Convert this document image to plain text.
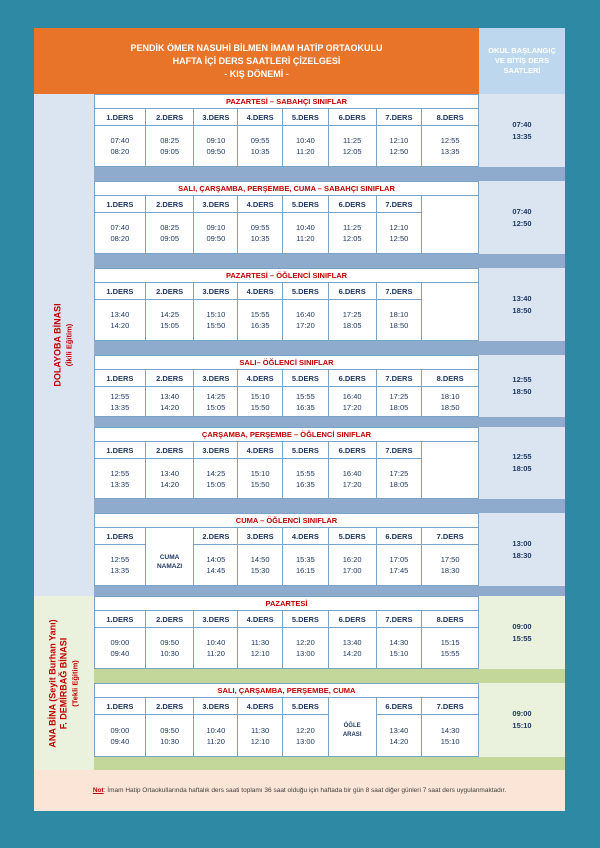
PENDİK ÖMER NASUHİ BİLMEN İMAM HATİP ORTAOKULU
HAFTA İÇİ DERS SAATLERİ ÇİZELGESİ
- KIŞ DÖNEMİ -
OKUL BAŞLANGIÇ
VE BİTİŞ DERS
SAATLERİ
DOLAYOBA BİNASI (İkili Eğitim)
ANA BİNA (Seyit Burhan Yanı)
F. DEMİRBAĞ BİNASI (Tekli Eğitim)
PAZARTESİ – SABAHÇI SINIFLAR
1.DERS
07:40
08:20
2.DERS
08:25
09:05
3.DERS
09:10
09:50
4.DERS
09:55
10:35
5.DERS
10:40
11:20
6.DERS
11:25
12:05
7.DERS
12:10
12:50
8.DERS
12:55
13:35
07:40
13:35
SALI, ÇARŞAMBA, PERŞEMBE, CUMA – SABAHÇI SINIFLAR
1.DERS
07:40
08:20
2.DERS
08:25
09:05
3.DERS
09:10
09:50
4.DERS
09:55
10:35
5.DERS
10:40
11:20
6.DERS
11:25
12:05
7.DERS
12:10
12:50
07:40
12:50
PAZARTESİ – ÖĞLENCİ SINIFLAR
1.DERS
13:40
14:20
2.DERS
14:25
15:05
3.DERS
15:10
15:50
4.DERS
15:55
16:35
5.DERS
16:40
17:20
6.DERS
17:25
18:05
7.DERS
18:10
18:50
13:40
18:50
SALI– ÖĞLENCİ SINIFLAR
1.DERS
12:55
13:35
2.DERS
13:40
14:20
3.DERS
14:25
15:05
4.DERS
15:10
15:50
5.DERS
15:55
16:35
6.DERS
16:40
17:20
7.DERS
17:25
18:05
8.DERS
18:10
18:50
12:55
18:50
ÇARŞAMBA, PERŞEMBE – ÖĞLENCİ SINIFLAR
1.DERS
12:55
13:35
2.DERS
13:40
14:20
3.DERS
14:25
15:05
4.DERS
15:10
15:50
5.DERS
15:55
16:35
6.DERS
16:40
17:20
7.DERS
17:25
18:05
12:55
18:05
CUMA – ÖĞLENCİ SINIFLAR
1.DERS
12:55
13:35
CUMA
NAMAZI
2.DERS
14:05
14:45
3.DERS
14:50
15:30
4.DERS
15:35
16:15
5.DERS
16:20
17:00
6.DERS
17:05
17:45
7.DERS
17:50
18:30
13:00
18:30
PAZARTESİ
1.DERS
09:00
09:40
2.DERS
09:50
10:30
3.DERS
10:40
11:20
4.DERS
11:30
12:10
5.DERS
12:20
13:00
6.DERS
13:40
14:20
7.DERS
14:30
15:10
8.DERS
15:15
15:55
09:00
15:55
SALI, ÇARŞAMBA, PERŞEMBE, CUMA
1.DERS
09:00
09:40
2.DERS
09:50
10:30
3.DERS
10:40
11:20
4.DERS
11:30
12:10
5.DERS
12:20
13:00
ÖĞLE
ARASI
6.DERS
13:40
14:20
7.DERS
14:30
15:10
09:00
15:10
Not: İmam Hatip Ortaokullarında haftalık ders saati toplamı 36 saat olduğu için haftada bir gün 8 saat diğer günleri 7 saat ders uygulanmaktadır.
